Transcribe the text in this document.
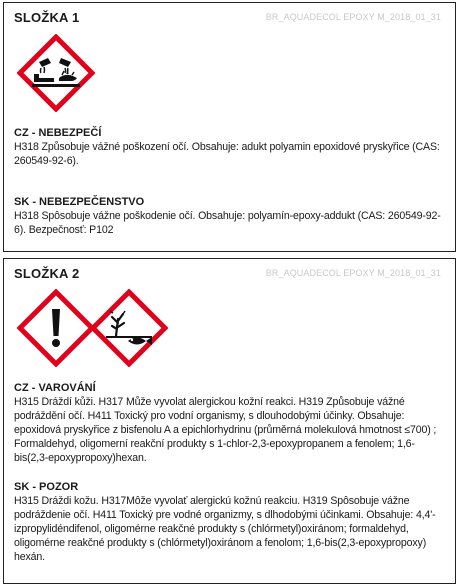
SLOŽKA 1	BR_AQUADECOL EPOXY M_2018_01_31
CZ - NEBEZPEČÍ
H318 Způsobuje vážné poškození očí. Obsahuje: adukt polyamin epoxidové pryskyřice (CAS: 260549-92-6).
SK - NEBEZPEČENSTVO
H318 Spôsobuje vážne poškodenie očí. Obsahuje: polyamín-epoxy-addukt (CAS: 260549-92-6). Bezpečnosť: P102
SLOŽKA 2	BR_AQUADECOL EPOXY M_2018_01_31
CZ - VAROVÁNÍ
H315 Dráždí kůži. H317 Může vyvolat alergickou kožní reakci. H319 Způsobuje vážné podráždění očí. H411 Toxický pro vodní organismy, s dlouhodobými účinky. Obsahuje: epoxidová pryskyřice z bisfenolu A a epichlorhydrinu (průměrná molekulová hmotnost ≤700) ; Formaldehyd, oligomerní reakční produkty s 1-chlor-2,3-epoxypropanem a fenolem; 1,6-bis(2,3-epoxypropoxy)hexan.
SK - POZOR
H315 Dráždi kožu. H317Môže vyvolať alergickú kožnú reakciu. H319 Spôsobuje vážne podráždenie očí. H411 Toxický pre vodné organizmy, s dlhodobými účinkami. Obsahuje: 4,4'-izpropylidéndifenol, oligomérne reakčné produkty s (chlórmetyl)oxiránom; formaldehyd, oligomérne reakčné produkty s (chlórmetyl)oxiránom a fenolom; 1,6-bis(2,3-epoxypropoxy) hexán.
